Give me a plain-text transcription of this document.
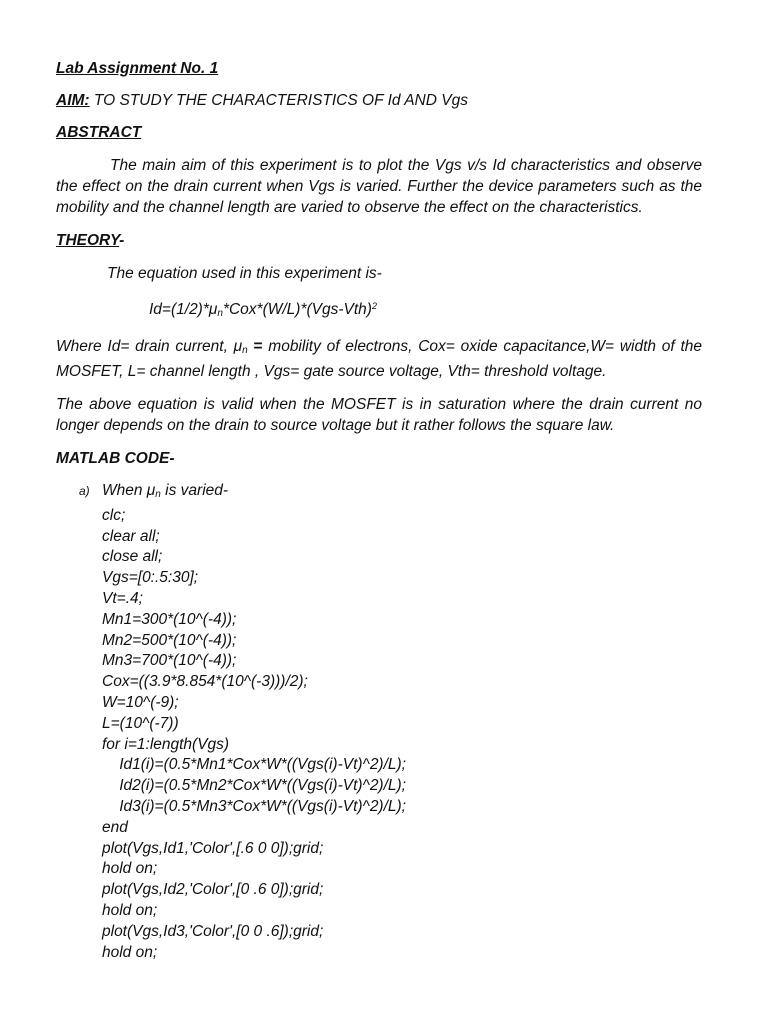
Lab Assignment No. 1

AIM: TO STUDY THE CHARACTERISTICS OF Id AND Vgs

ABSTRACT

The main aim of this experiment is to plot the Vgs v/s Id characteristics and observe the effect on the drain current when Vgs is varied. Further the device parameters such as the mobility and the channel length are varied to observe the effect on the characteristics.

THEORY-

The equation used in this experiment is-

$Id=(1/2)*\mu n*Cox*(W/L)*(Vgs-Vth)^2$

Where Id= drain current, μn = mobility of electrons, Cox= oxide capacitance,W= width of the MOSFET, L= channel length , Vgs= gate source voltage, Vth= threshold voltage.

The above equation is valid when the MOSFET is in saturation where the drain current no longer depends on the drain to source voltage but it rather follows the square law.

MATLAB CODE-
a) When μn is varied-
clc;
clear all;
close all;
Vgs=[0:.5:30];
Vt=.4;
Mn1=300*(10^(-4));
Mn2=500*(10^(-4));
Mn3=700*(10^(-4));
Cox=((3.9*8.854*(10^(-3)))/2);
W=10^(-9);
L=(10^(-7))
for i=1:length(Vgs)
Id1(i)=(0.5*Mn1*Cox*W*((Vgs(i)-Vt)^2)/L);
Id2(i)=(0.5*Mn2*Cox*W*((Vgs(i)-Vt)^2)/L);
Id3(i)=(0.5*Mn3*Cox*W*((Vgs(i)-Vt)^2)/L);
end
plot(Vgs,Id1,'Color',[.6 0 0]);grid;
hold on;
plot(Vgs,Id2,'Color',[0 .6 0]);grid;
hold on;
plot(Vgs,Id3,'Color',[0 0 .6]);grid;
hold on;
